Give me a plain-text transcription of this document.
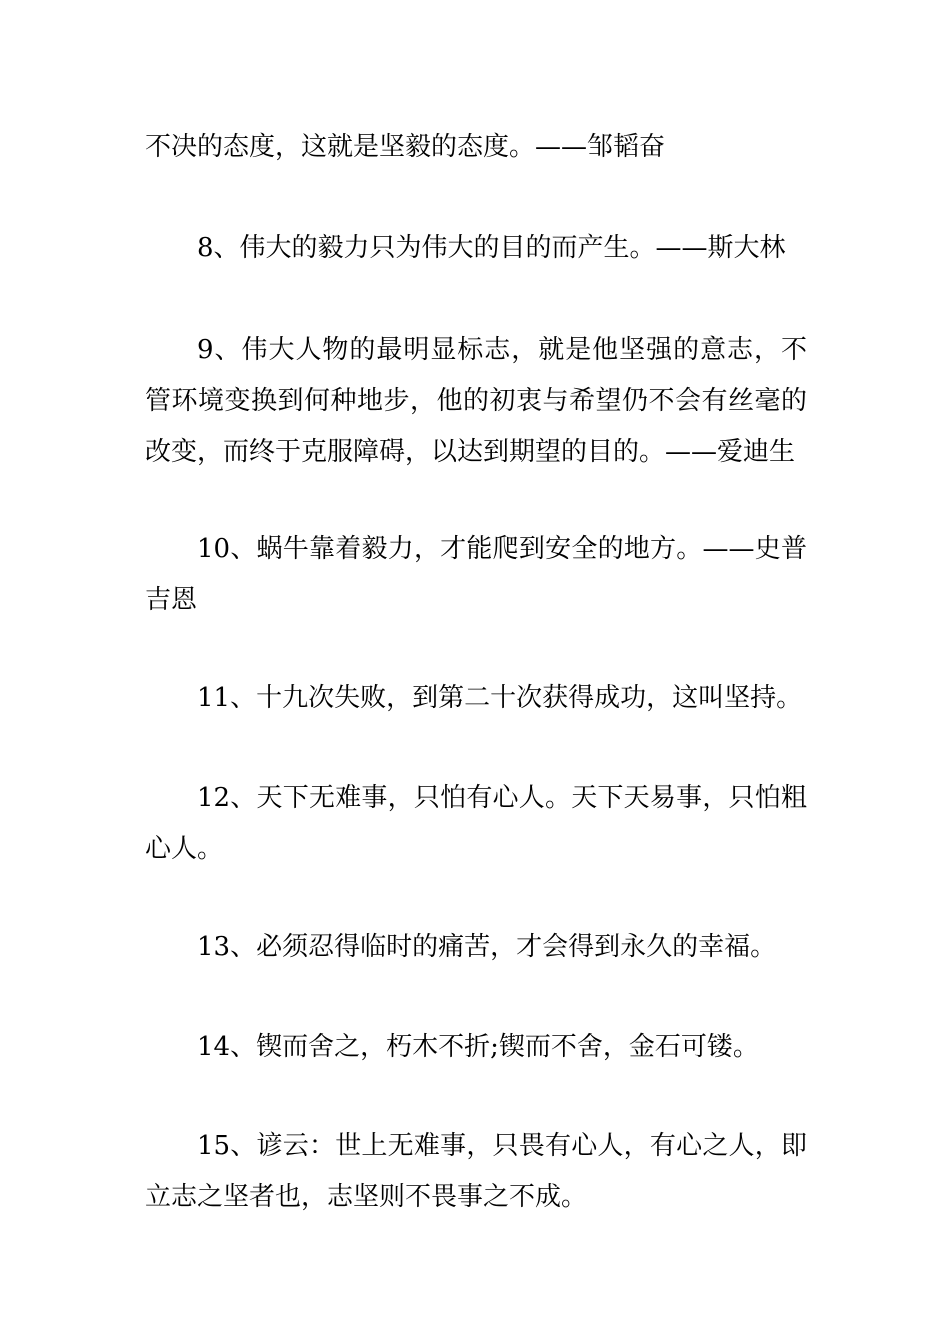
不决的态度，这就是坚毅的态度。——邹韬奋

8、伟大的毅力只为伟大的目的而产生。——斯大林

9、伟大人物的最明显标志，就是他坚强的意志，不管环境变换到何种地步，他的初衷与希望仍不会有丝毫的改变，而终于克服障碍，以达到期望的目的。——爱迪生

10、蜗牛靠着毅力，才能爬到安全的地方。——史普吉恩

11、十九次失败，到第二十次获得成功，这叫坚持。

12、天下无难事，只怕有心人。天下天易事，只怕粗心人。

13、必须忍得临时的痛苦，才会得到永久的幸福。

14、锲而舍之，朽木不折;锲而不舍，金石可镂。

15、谚云：世上无难事，只畏有心人，有心之人，即立志之坚者也，志坚则不畏事之不成。
